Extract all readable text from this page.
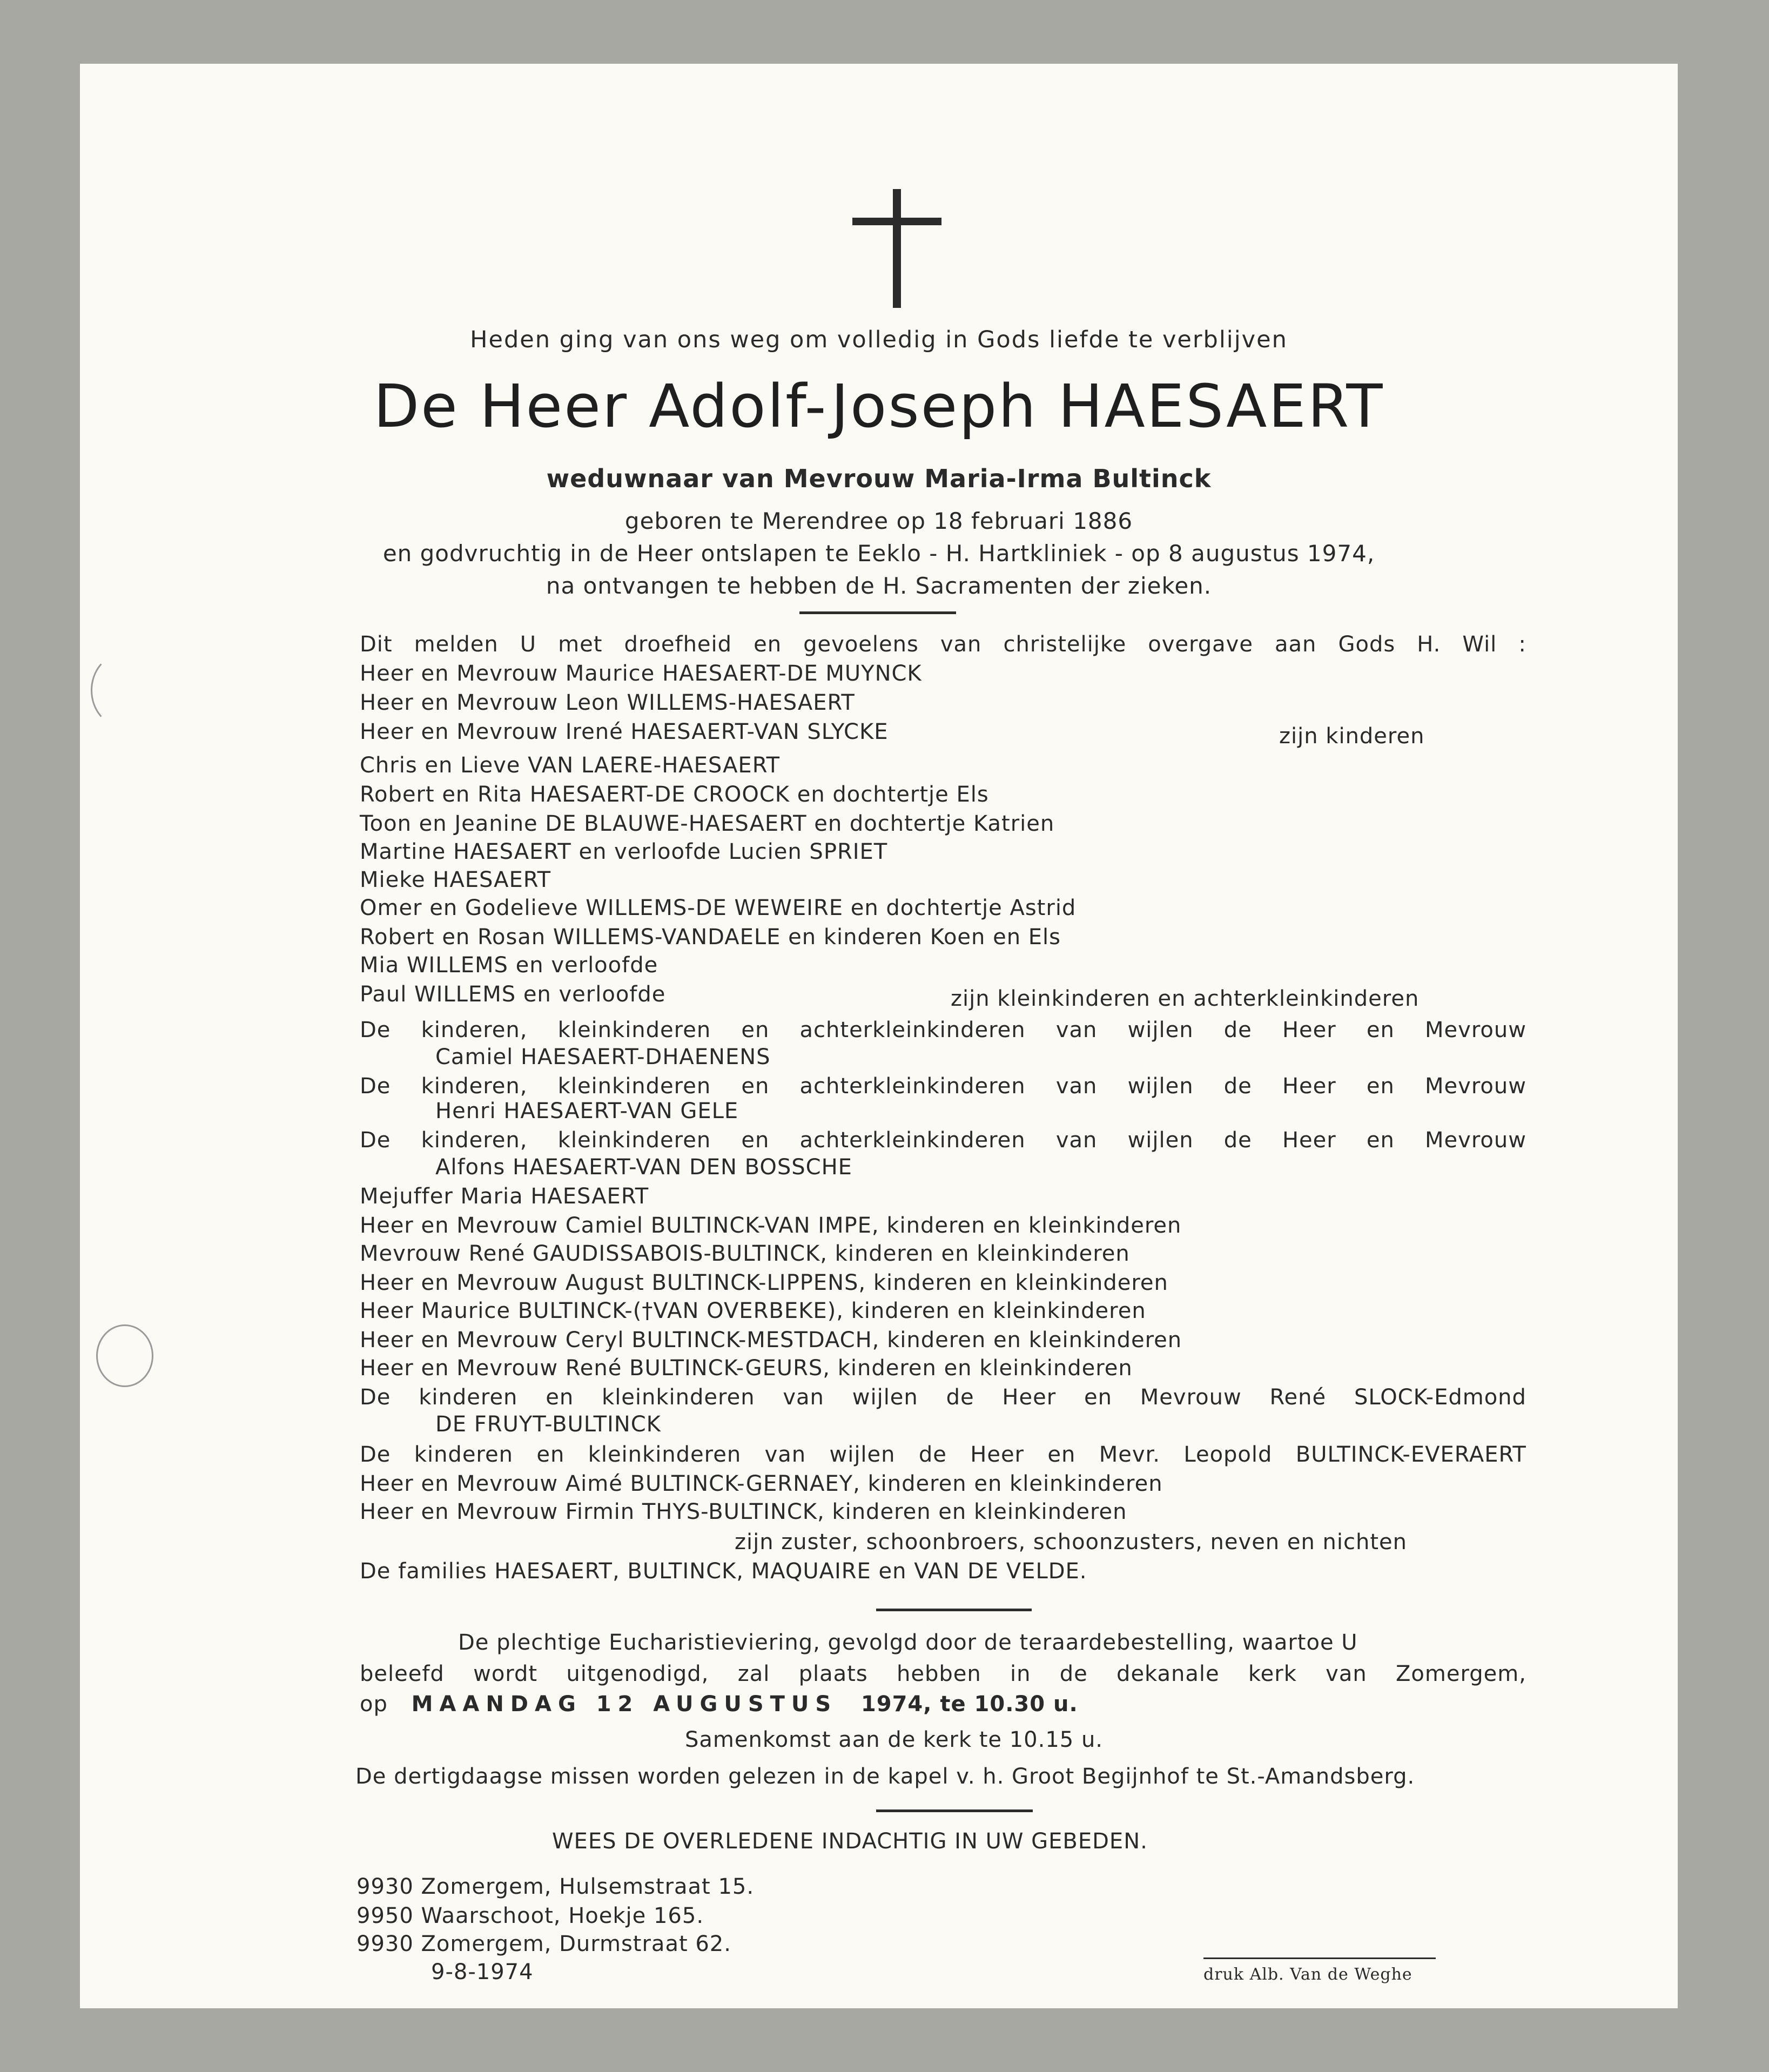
Heden ging van ons weg om volledig in Gods liefde te verblijven
De Heer Adolf-Joseph HAESAERT
weduwnaar van Mevrouw Maria-Irma Bultinck
geboren te Merendree op 18 februari 1886
en godvruchtig in de Heer ontslapen te Eeklo - H. Hartkliniek - op 8 augustus 1974,
na ontvangen te hebben de H. Sacramenten der zieken.
Dit melden U met droefheid en gevoelens van christelijke overgave aan Gods H. Wil :
Heer en Mevrouw Maurice HAESAERT-DE MUYNCK
Heer en Mevrouw Leon WILLEMS-HAESAERT
Heer en Mevrouw Irené HAESAERT-VAN SLYCKE	zijn kinderen
Chris en Lieve VAN LAERE-HAESAERT
Robert en Rita HAESAERT-DE CROOCK en dochtertje Els
Toon en Jeanine DE BLAUWE-HAESAERT en dochtertje Katrien
Martine HAESAERT en verloofde Lucien SPRIET
Mieke HAESAERT
Omer en Godelieve WILLEMS-DE WEWEIRE en dochtertje Astrid
Robert en Rosan WILLEMS-VANDAELE en kinderen Koen en Els
Mia WILLEMS en verloofde
Paul WILLEMS en verloofde	zijn kleinkinderen en achterkleinkinderen
De kinderen, kleinkinderen en achterkleinkinderen van wijlen de Heer en Mevrouw
Camiel HAESAERT-DHAENENS
De kinderen, kleinkinderen en achterkleinkinderen van wijlen de Heer en Mevrouw
Henri HAESAERT-VAN GELE
De kinderen, kleinkinderen en achterkleinkinderen van wijlen de Heer en Mevrouw
Alfons HAESAERT-VAN DEN BOSSCHE
Mejuffer Maria HAESAERT
Heer en Mevrouw Camiel BULTINCK-VAN IMPE, kinderen en kleinkinderen
Mevrouw René GAUDISSABOIS-BULTINCK, kinderen en kleinkinderen
Heer en Mevrouw August BULTINCK-LIPPENS, kinderen en kleinkinderen
Heer Maurice BULTINCK-(†VAN OVERBEKE), kinderen en kleinkinderen
Heer en Mevrouw Ceryl BULTINCK-MESTDACH, kinderen en kleinkinderen
Heer en Mevrouw René BULTINCK-GEURS, kinderen en kleinkinderen
De kinderen en kleinkinderen van wijlen de Heer en Mevrouw René SLOCK-Edmond
DE FRUYT-BULTINCK
De kinderen en kleinkinderen van wijlen de Heer en Mevr. Leopold BULTINCK-EVERAERT
Heer en Mevrouw Aimé BULTINCK-GERNAEY, kinderen en kleinkinderen
Heer en Mevrouw Firmin THYS-BULTINCK, kinderen en kleinkinderen
zijn zuster, schoonbroers, schoonzusters, neven en nichten
De families HAESAERT, BULTINCK, MAQUAIRE en VAN DE VELDE.
De plechtige Eucharistieviering, gevolgd door de teraardebestelling, waartoe U
beleefd wordt uitgenodigd, zal plaats hebben in de dekanale kerk van Zomergem,
op MAANDAG 12 AUGUSTUS 1974, te 10.30 u.
Samenkomst aan de kerk te 10.15 u.
De dertigdaagse missen worden gelezen in de kapel v. h. Groot Begijnhof te St.-Amandsberg.
WEES DE OVERLEDENE INDACHTIG IN UW GEBEDEN.
9930 Zomergem, Hulsemstraat 15.
9950 Waarschoot, Hoekje 165.
9930 Zomergem, Durmstraat 62.
9-8-1974	druk Alb. Van de Weghe
